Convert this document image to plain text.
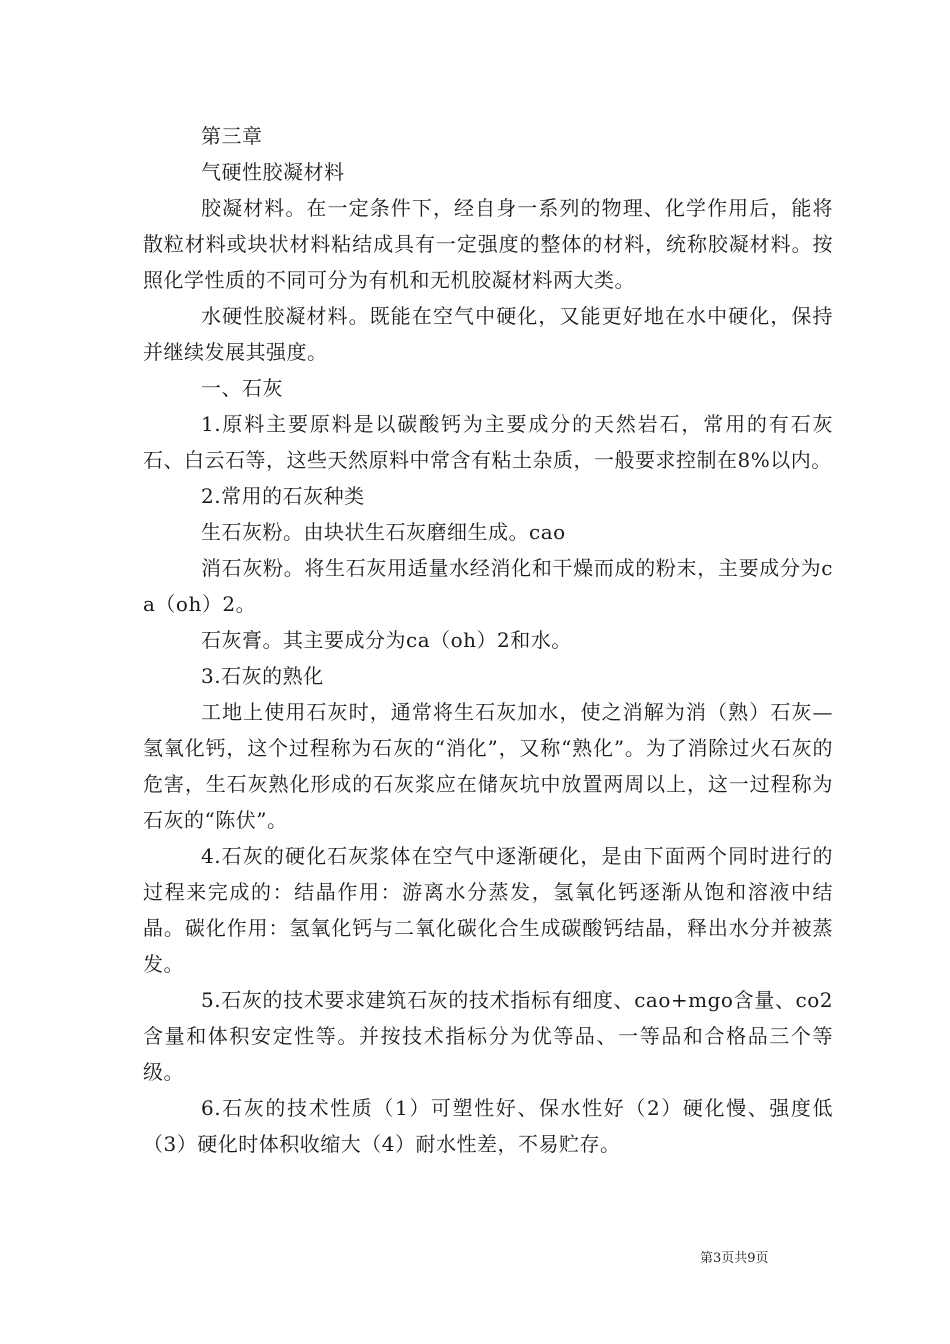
第三章

气硬性胶凝材料

胶凝材料。在一定条件下，经自身一系列的物理、化学作用后，能将散粒材料或块状材料粘结成具有一定强度的整体的材料，统称胶凝材料。按照化学性质的不同可分为有机和无机胶凝材料两大类。

水硬性胶凝材料。既能在空气中硬化，又能更好地在水中硬化，保持并继续发展其强度。

一、石灰

1.原料主要原料是以碳酸钙为主要成分的天然岩石，常用的有石灰石、白云石等，这些天然原料中常含有粘土杂质，一般要求控制在8%以内。

2.常用的石灰种类

生石灰粉。由块状生石灰磨细生成。cao

消石灰粉。将生石灰用适量水经消化和干燥而成的粉末，主要成分为ca（oh）2。

石灰膏。其主要成分为ca（oh）2和水。

3.石灰的熟化

工地上使用石灰时，通常将生石灰加水，使之消解为消（熟）石灰—氢氧化钙，这个过程称为石灰的“消化”，又称“熟化”。为了消除过火石灰的危害，生石灰熟化形成的石灰浆应在储灰坑中放置两周以上，这一过程称为石灰的“陈伏”。

4.石灰的硬化石灰浆体在空气中逐渐硬化，是由下面两个同时进行的过程来完成的：结晶作用：游离水分蒸发，氢氧化钙逐渐从饱和溶液中结晶。碳化作用：氢氧化钙与二氧化碳化合生成碳酸钙结晶，释出水分并被蒸发。

5.石灰的技术要求建筑石灰的技术指标有细度、cao+mgo含量、co2含量和体积安定性等。并按技术指标分为优等品、一等品和合格品三个等级。

6.石灰的技术性质（1）可塑性好、保水性好（2）硬化慢、强度低（3）硬化时体积收缩大（4）耐水性差，不易贮存。

第3页共9页
